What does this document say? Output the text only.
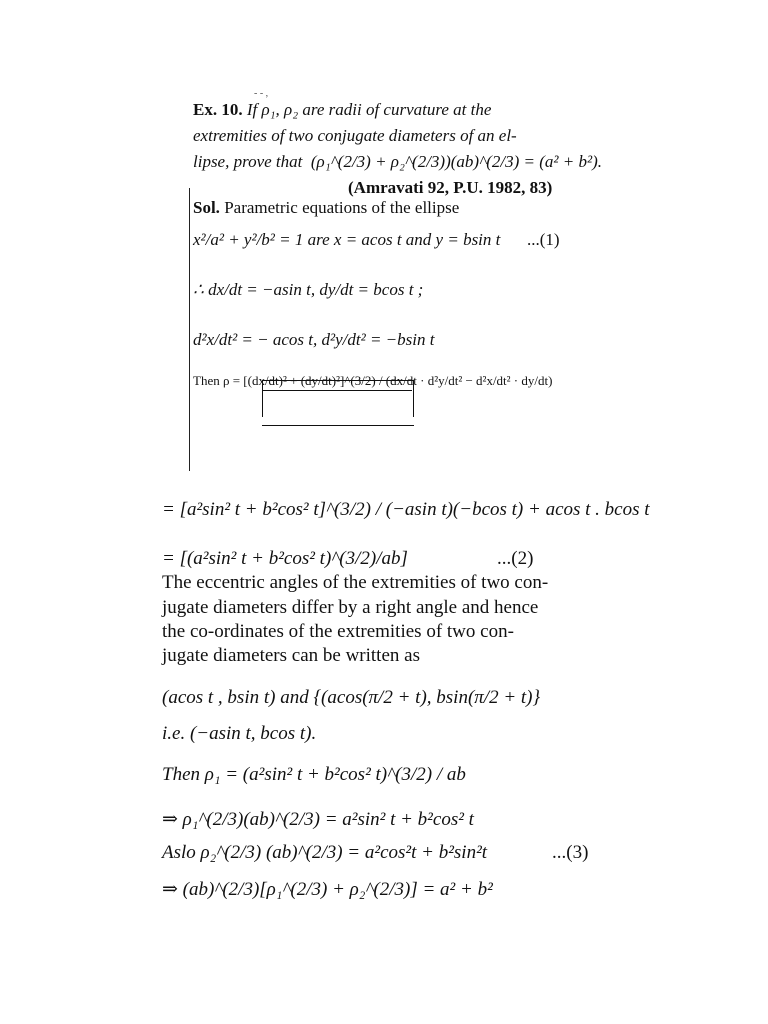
- - ,
Ex. 10. If ρ₁, ρ₂ are radii of curvature at the
extremities of two conjugate diameters of an el-
lipse, prove that (ρ₁^(2/3) + ρ₂^(2/3))(ab)^(2/3) = (a² + b²).
(Amravati 92, P.U. 1982, 83)
Sol. Parametric equations of the ellipse
x²/a² + y²/b² = 1 are x = acos t and y = bsin t ...(1)
∴ dx/dt = −asin t, dy/dt = bcos t ;
d²x/dt² = − acos t, d²y/dt² = −bsin t
Then ρ = [(dx/dt)² + (dy/dt)²]^(3/2) / (dx/dt · d²y/dt² − d²x/dt² · dy/dt)
= [a²sin² t + b²cos² t]^(3/2) / (−asin t)(−bcos t) + acos t . bcos t
= [(a²sin² t + b²cos² t)^(3/2)/ab]	...(2)
The eccentric angles of the extremities of two con-
jugate diameters differ by a right angle and hence
the co-ordinates of the extremities of two con-
jugate diameters can be written as
(acos t , bsin t) and {(acos(π/2 + t), bsin(π/2 + t)}
i.e. (−asin t, bcos t).
Then ρ₁ = (a²sin² t + b²cos² t)^(3/2) / ab
⇒ ρ₁^(2/3)(ab)^(2/3) = a²sin² t + b²cos² t
Aslo ρ₂^(2/3) (ab)^(2/3) = a²cos²t + b²sin²t	...(3)
⇒ (ab)^(2/3)[ρ₁^(2/3) + ρ₂^(2/3)] = a² + b²
